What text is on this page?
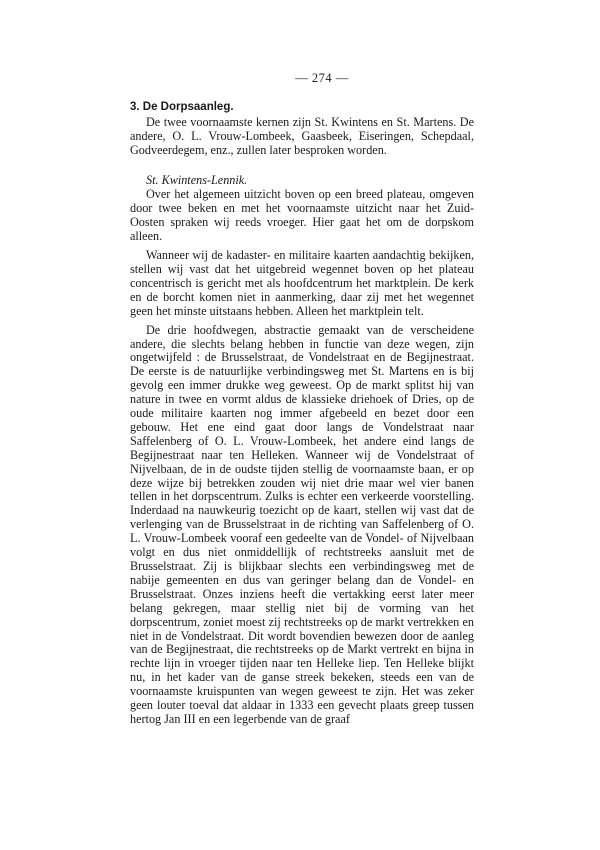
— 274 —
3. De Dorpsaanleg.

De twee voornaamste kernen zijn St. Kwintens en St. Martens. De andere, O. L. Vrouw-Lombeek, Gaasbeek, Eiseringen, Schepdaal, Godveerdegem, enz., zullen later besproken worden.

St. Kwintens-Lennik.

Over het algemeen uitzicht boven op een breed plateau, omgeven door twee beken en met het voornaamste uitzicht naar het Zuid-Oosten spraken wij reeds vroeger. Hier gaat het om de dorpskom alleen.

Wanneer wij de kadaster- en militaire kaarten aandachtig bekijken, stellen wij vast dat het uitgebreid wegennet boven op het plateau concentrisch is gericht met als hoofdcentrum het marktplein. De kerk en de borcht komen niet in aanmerking, daar zij met het wegennet geen het minste uitstaans hebben. Alleen het marktplein telt.

De drie hoofdwegen, abstractie gemaakt van de verscheidene andere, die slechts belang hebben in functie van deze wegen, zijn ongetwijfeld : de Brusselstraat, de Vondelstraat en de Begijnestraat. De eerste is de natuurlijke verbindingsweg met St. Martens en is bij gevolg een immer drukke weg geweest. Op de markt splitst hij van nature in twee en vormt aldus de klassieke driehoek of Dries, op de oude militaire kaarten nog immer afgebeeld en bezet door een gebouw. Het ene eind gaat door langs de Vondelstraat naar Saffelenberg of O. L. Vrouw-Lombeek, het andere eind langs de Begijnestraat naar ten Helleken. Wanneer wij de Vondelstraat of Nijvelbaan, de in de oudste tijden stellig de voornaamste baan, er op deze wijze bij betrekken zouden wij niet drie maar wel vier banen tellen in het dorpscentrum. Zulks is echter een verkeerde voorstelling. Inderdaad na nauwkeurig toezicht op de kaart, stellen wij vast dat de verlenging van de Brusselstraat in de richting van Saffelenberg of O. L. Vrouw-Lombeek vooraf een gedeelte van de Vondel- of Nijvelbaan volgt en dus niet onmiddellijk of rechtstreeks aansluit met de Brusselstraat. Zij is blijkbaar slechts een verbindingsweg met de nabije gemeenten en dus van geringer belang dan de Vondel- en Brusselstraat. Onzes inziens heeft die vertakking eerst later meer belang gekregen, maar stellig niet bij de vorming van het dorpscentrum, zoniet moest zij rechtstreeks op de markt vertrekken en niet in de Vondelstraat. Dit wordt bovendien bewezen door de aanleg van de Begijnestraat, die rechtstreeks op de Markt vertrekt en bijna in rechte lijn in vroeger tijden naar ten Helleke liep. Ten Helleke blijkt nu, in het kader van de ganse streek bekeken, steeds een van de voornaamste kruispunten van wegen geweest te zijn. Het was zeker geen louter toeval dat aldaar in 1333 een gevecht plaats greep tussen hertog Jan III en een legerbende van de graaf
